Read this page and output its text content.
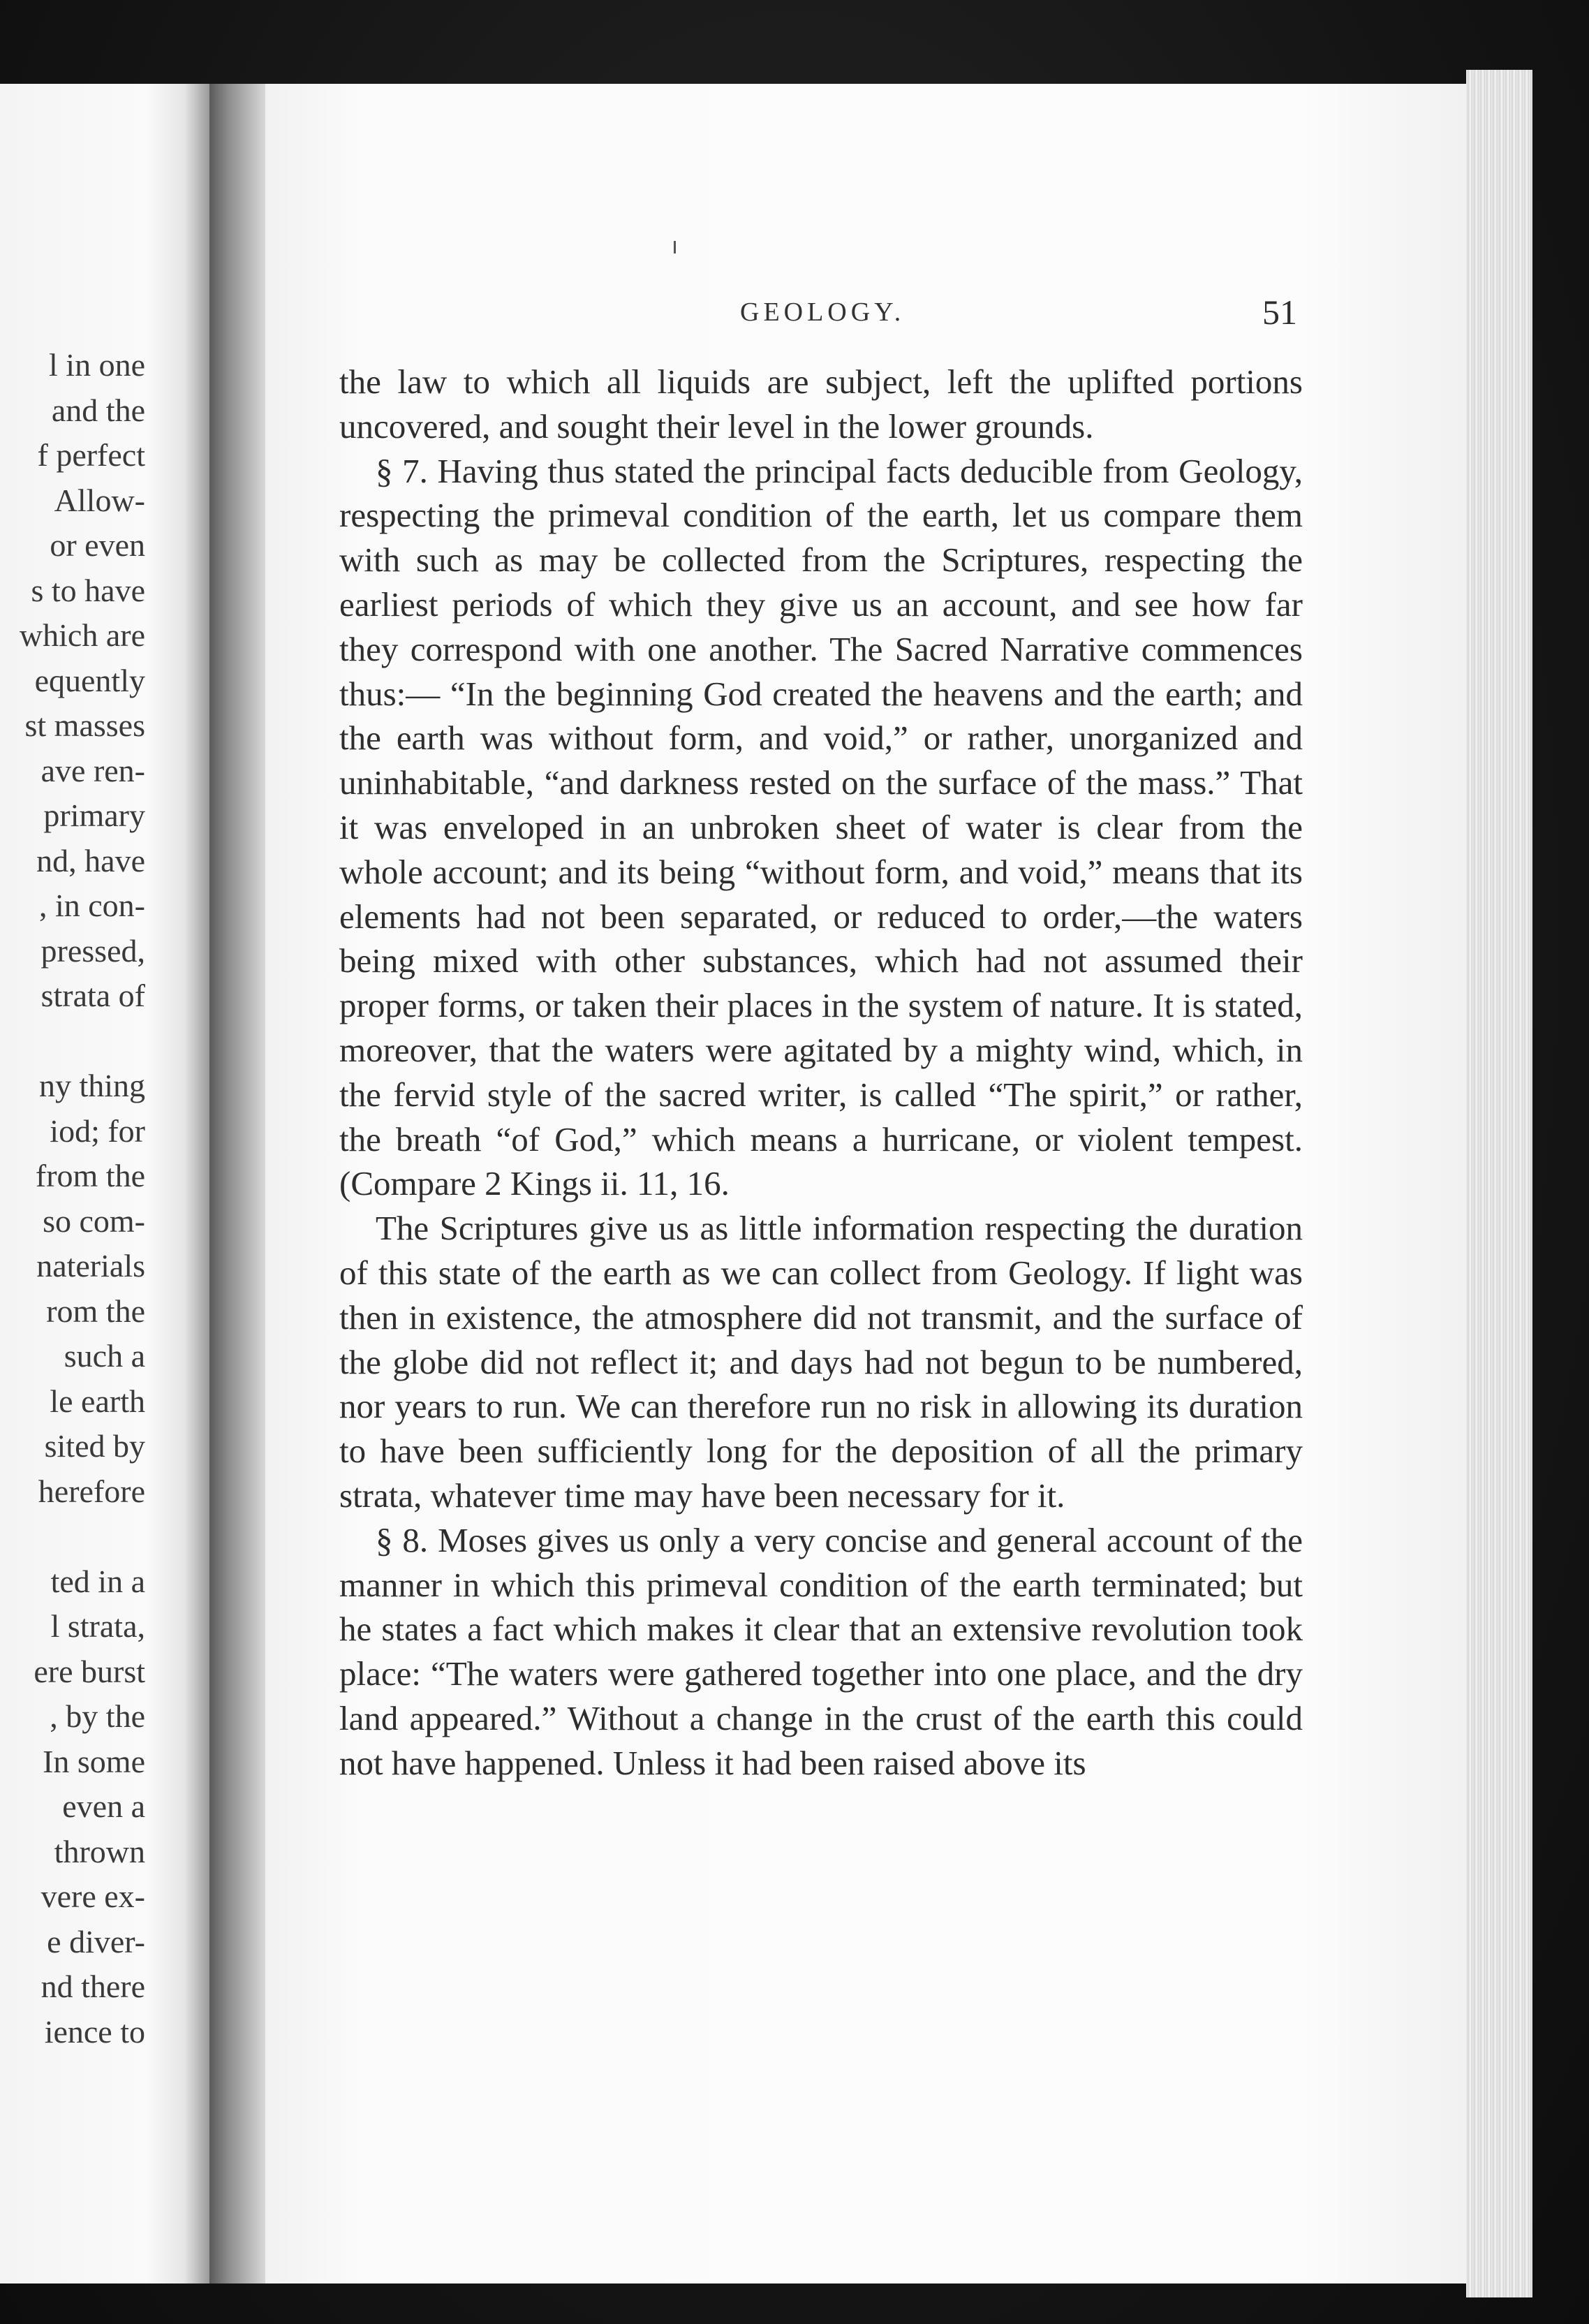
l in one
and the
f perfect
Allow-
or even
s to have
which are
equently
st masses
ave ren-
primary
nd, have
, in con-
pressed,
strata of
ny thing
iod; for
from the
so com-
naterials
rom the
such a
le earth
sited by
herefore
ted in a
l strata,
ere burst
, by the
In some
even a
thrown
vere ex-
e diver-
nd there
ience to
GEOLOGY.	51

the law to which all liquids are subject, left the uplifted portions uncovered, and sought their level in the lower grounds.

§ 7. Having thus stated the principal facts deducible from Geology, respecting the primeval condition of the earth, let us compare them with such as may be collected from the Scriptures, respecting the earliest periods of which they give us an account, and see how far they correspond with one another. The Sacred Narrative commences thus:— “In the beginning God created the heavens and the earth; and the earth was without form, and void,” or rather, unorganized and uninhabitable, “and darkness rested on the surface of the mass.” That it was enveloped in an unbroken sheet of water is clear from the whole account; and its being “without form, and void,” means that its elements had not been separated, or reduced to order,—the waters being mixed with other substances, which had not assumed their proper forms, or taken their places in the system of nature. It is stated, moreover, that the waters were agitated by a mighty wind, which, in the fervid style of the sacred writer, is called “The spirit,” or rather, the breath “of God,” which means a hurricane, or violent tempest. (Compare 2 Kings ii. 11, 16.

The Scriptures give us as little information respecting the duration of this state of the earth as we can collect from Geology. If light was then in existence, the atmosphere did not transmit, and the surface of the globe did not reflect it; and days had not begun to be numbered, nor years to run. We can therefore run no risk in allowing its duration to have been sufficiently long for the deposition of all the primary strata, whatever time may have been necessary for it.

§ 8. Moses gives us only a very concise and general account of the manner in which this primeval condition of the earth terminated; but he states a fact which makes it clear that an extensive revolution took place: “The waters were gathered together into one place, and the dry land appeared.” Without a change in the crust of the earth this could not have happened. Unless it had been raised above its
